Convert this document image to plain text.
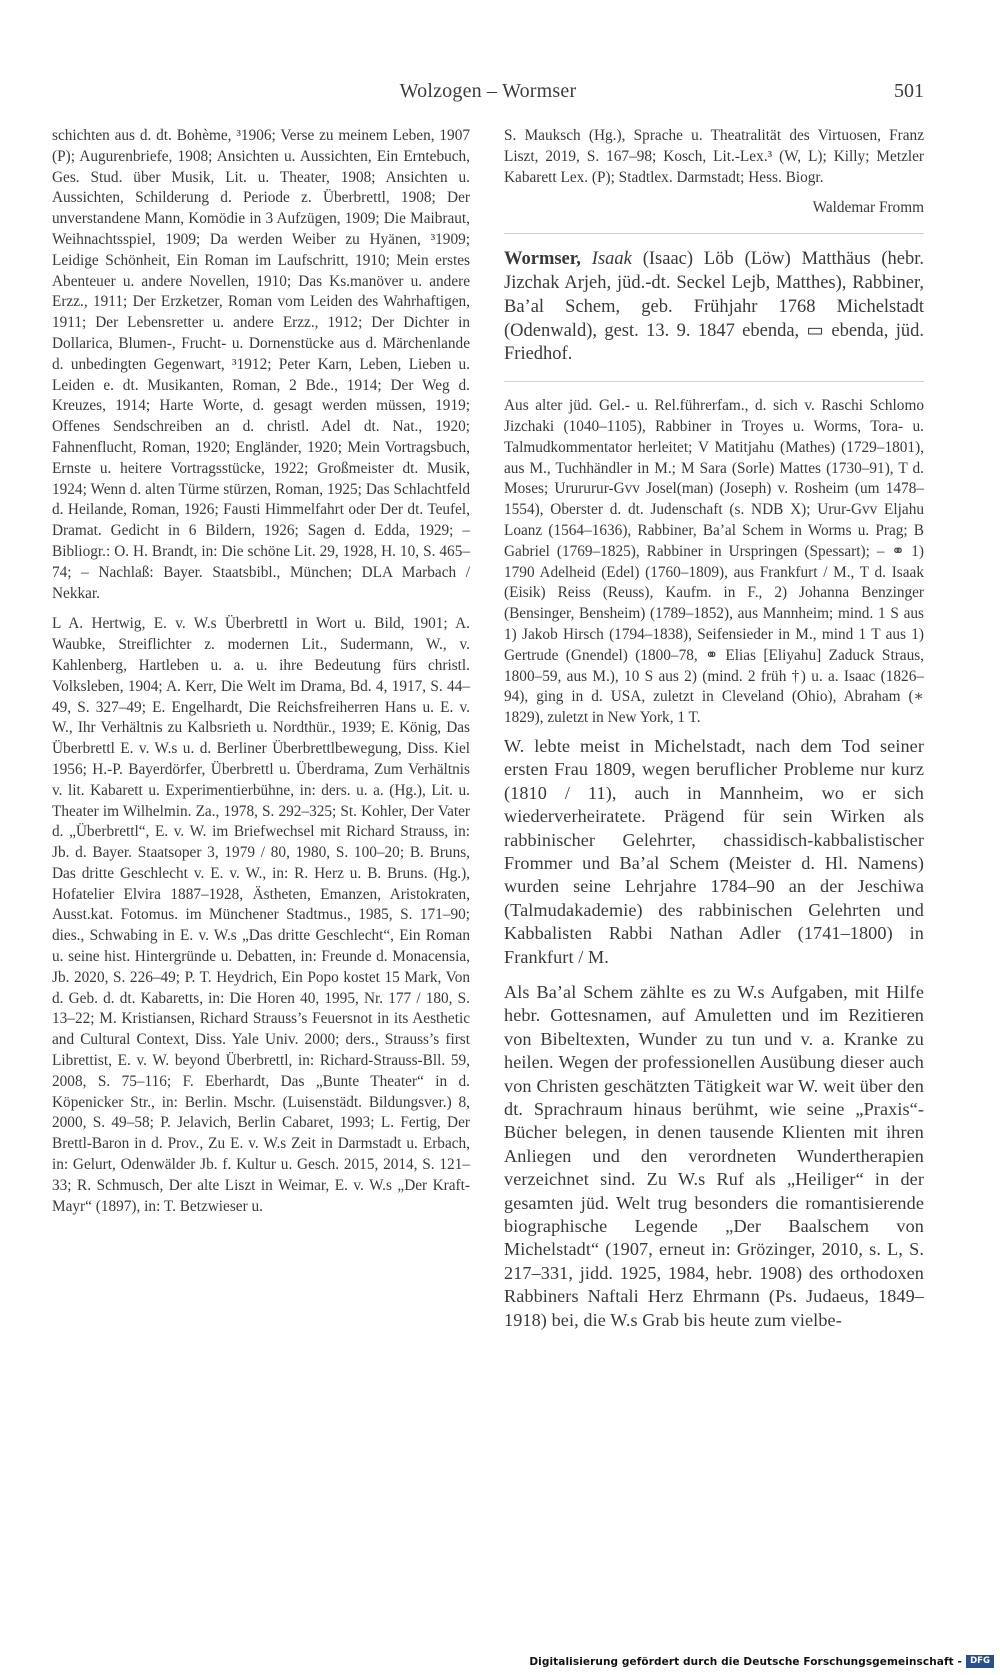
Wolzogen – Wormser	501

schichten aus d. dt. Bohème, ³1906; Verse zu meinem Leben, 1907 (P); Augurenbriefe, 1908; Ansichten u. Aussichten, Ein Erntebuch, Ges. Stud. über Musik, Lit. u. Theater, 1908; Ansichten u. Aussichten, Schilderung d. Periode z. Überbrettl, 1908; Der unverstandene Mann, Komödie in 3 Aufzügen, 1909; Die Maibraut, Weihnachtsspiel, 1909; Da werden Weiber zu Hyänen, ³1909; Leidige Schönheit, Ein Roman im Laufschritt, 1910; Mein erstes Abenteuer u. andere Novellen, 1910; Das Ks.manöver u. andere Erzz., 1911; Der Erzketzer, Roman vom Leiden des Wahrhaftigen, 1911; Der Lebensretter u. andere Erzz., 1912; Der Dichter in Dollarica, Blumen-, Frucht- u. Dornenstücke aus d. Märchenlande d. unbedingten Gegenwart, ³1912; Peter Karn, Leben, Lieben u. Leiden e. dt. Musikanten, Roman, 2 Bde., 1914; Der Weg d. Kreuzes, 1914; Harte Worte, d. gesagt werden müssen, 1919; Offenes Sendschreiben an d. christl. Adel dt. Nat., 1920; Fahnenflucht, Roman, 1920; Engländer, 1920; Mein Vortragsbuch, Ernste u. heitere Vortragsstücke, 1922; Großmeister dt. Musik, 1924; Wenn d. alten Türme stürzen, Roman, 1925; Das Schlachtfeld d. Heilande, Roman, 1926; Fausti Himmelfahrt oder Der dt. Teufel, Dramat. Gedicht in 6 Bildern, 1926; Sagen d. Edda, 1929; – Bibliogr.: O. H. Brandt, in: Die schöne Lit. 29, 1928, H. 10, S. 465–74; – Nachlaß: Bayer. Staatsbibl., München; DLA Marbach / Nekkar.

L A. Hertwig, E. v. W.s Überbrettl in Wort u. Bild, 1901; A. Waubke, Streiflichter z. modernen Lit., Sudermann, W., v. Kahlenberg, Hartleben u. a. u. ihre Bedeutung fürs christl. Volksleben, 1904; A. Kerr, Die Welt im Drama, Bd. 4, 1917, S. 44–49, S. 327–49; E. Engelhardt, Die Reichsfreiherren Hans u. E. v. W., Ihr Verhältnis zu Kalbsrieth u. Nordthür., 1939; E. König, Das Überbrettl E. v. W.s u. d. Berliner Überbrettlbewegung, Diss. Kiel 1956; H.-P. Bayerdörfer, Überbrettl u. Überdrama, Zum Verhältnis v. lit. Kabarett u. Experimentierbühne, in: ders. u. a. (Hg.), Lit. u. Theater im Wilhelmin. Za., 1978, S. 292–325; St. Kohler, Der Vater d. „Überbrettl“, E. v. W. im Briefwechsel mit Richard Strauss, in: Jb. d. Bayer. Staatsoper 3, 1979 / 80, 1980, S. 100–20; B. Bruns, Das dritte Geschlecht v. E. v. W., in: R. Herz u. B. Bruns. (Hg.), Hofatelier Elvira 1887–1928, Ästheten, Emanzen, Aristokraten, Ausst.kat. Fotomus. im Münchener Stadtmus., 1985, S. 171–90; dies., Schwabing in E. v. W.s „Das dritte Geschlecht“, Ein Roman u. seine hist. Hintergründe u. Debatten, in: Freunde d. Monacensia, Jb. 2020, S. 226–49; P. T. Heydrich, Ein Popo kostet 15 Mark, Von d. Geb. d. dt. Kabaretts, in: Die Horen 40, 1995, Nr. 177 / 180, S. 13–22; M. Kristiansen, Richard Strauss’s Feuersnot in its Aesthetic and Cultural Context, Diss. Yale Univ. 2000; ders., Strauss’s first Librettist, E. v. W. beyond Überbrettl, in: Richard-Strauss-Bll. 59, 2008, S. 75–116; F. Eberhardt, Das „Bunte Theater“ in d. Köpenicker Str., in: Berlin. Mschr. (Luisenstädt. Bildungsver.) 8, 2000, S. 49–58; P. Jelavich, Berlin Cabaret, 1993; L. Fertig, Der Brettl-Baron in d. Prov., Zu E. v. W.s Zeit in Darmstadt u. Erbach, in: Gelurt, Odenwälder Jb. f. Kultur u. Gesch. 2015, 2014, S. 121–33; R. Schmusch, Der alte Liszt in Weimar, E. v. W.s „Der Kraft-Mayr“ (1897), in: T. Betzwieser u.

S. Mauksch (Hg.), Sprache u. Theatralität des Virtuosen, Franz Liszt, 2019, S. 167–98; Kosch, Lit.-Lex.³ (W, L); Killy; Metzler Kabarett Lex. (P); Stadtlex. Darmstadt; Hess. Biogr.

Waldemar Fromm

Wormser, Isaak (Isaac) Löb (Löw) Matthäus (hebr. Jizchak Arjeh, jüd.-dt. Seckel Lejb, Matthes), Rabbiner, Ba’al Schem, geb. Frühjahr 1768 Michelstadt (Odenwald), gest. 13. 9. 1847 ebenda, ▭ ebenda, jüd. Friedhof.

Aus alter jüd. Gel.- u. Rel.führerfam., d. sich v. Raschi Schlomo Jizchaki (1040–1105), Rabbiner in Troyes u. Worms, Tora- u. Talmudkommentator herleitet; V Matitjahu (Mathes) (1729–1801), aus M., Tuchhändler in M.; M Sara (Sorle) Mattes (1730–91), T d. Moses; Urururur-Gvv Josel(man) (Joseph) v. Rosheim (um 1478–1554), Oberster d. dt. Judenschaft (s. NDB X); Urur-Gvv Eljahu Loanz (1564–1636), Rabbiner, Ba’al Schem in Worms u. Prag; B Gabriel (1769–1825), Rabbiner in Urspringen (Spessart); – ⚭ 1) 1790 Adelheid (Edel) (1760–1809), aus Frankfurt / M., T d. Isaak (Eisik) Reiss (Reuss), Kaufm. in F., 2) Johanna Benzinger (Bensinger, Bensheim) (1789–1852), aus Mannheim; mind. 1 S aus 1) Jakob Hirsch (1794–1838), Seifensieder in M., mind 1 T aus 1) Gertrude (Gnendel) (1800–78, ⚭ Elias [Eliyahu] Zaduck Straus, 1800–59, aus M.), 10 S aus 2) (mind. 2 früh †) u. a. Isaac (1826–94), ging in d. USA, zuletzt in Cleveland (Ohio), Abraham (∗ 1829), zuletzt in New York, 1 T.

W. lebte meist in Michelstadt, nach dem Tod seiner ersten Frau 1809, wegen beruflicher Probleme nur kurz (1810 / 11), auch in Mannheim, wo er sich wiederverheiratete. Prägend für sein Wirken als rabbinischer Gelehrter, chassidisch-kabbalistischer Frommer und Ba’al Schem (Meister d. Hl. Namens) wurden seine Lehrjahre 1784–90 an der Jeschiwa (Talmudakademie) des rabbinischen Gelehrten und Kabbalisten Rabbi Nathan Adler (1741–1800) in Frankfurt / M.

Als Ba’al Schem zählte es zu W.s Aufgaben, mit Hilfe hebr. Gottesnamen, auf Amuletten und im Rezitieren von Bibeltexten, Wunder zu tun und v. a. Kranke zu heilen. Wegen der professionellen Ausübung dieser auch von Christen geschätzten Tätigkeit war W. weit über den dt. Sprachraum hinaus berühmt, wie seine „Praxis“-Bücher belegen, in denen tausende Klienten mit ihren Anliegen und den verordneten Wundertherapien verzeichnet sind. Zu W.s Ruf als „Heiliger“ in der gesamten jüd. Welt trug besonders die romantisierende biographische Legende „Der Baalschem von Michelstadt“ (1907, erneut in: Grözinger, 2010, s. L, S. 217–331, jidd. 1925, 1984, hebr. 1908) des orthodoxen Rabbiners Naftali Herz Ehrmann (Ps. Judaeus, 1849–1918) bei, die W.s Grab bis heute zum vielbe-

Digitalisierung gefördert durch die Deutsche Forschungsgemeinschaft - DFG
